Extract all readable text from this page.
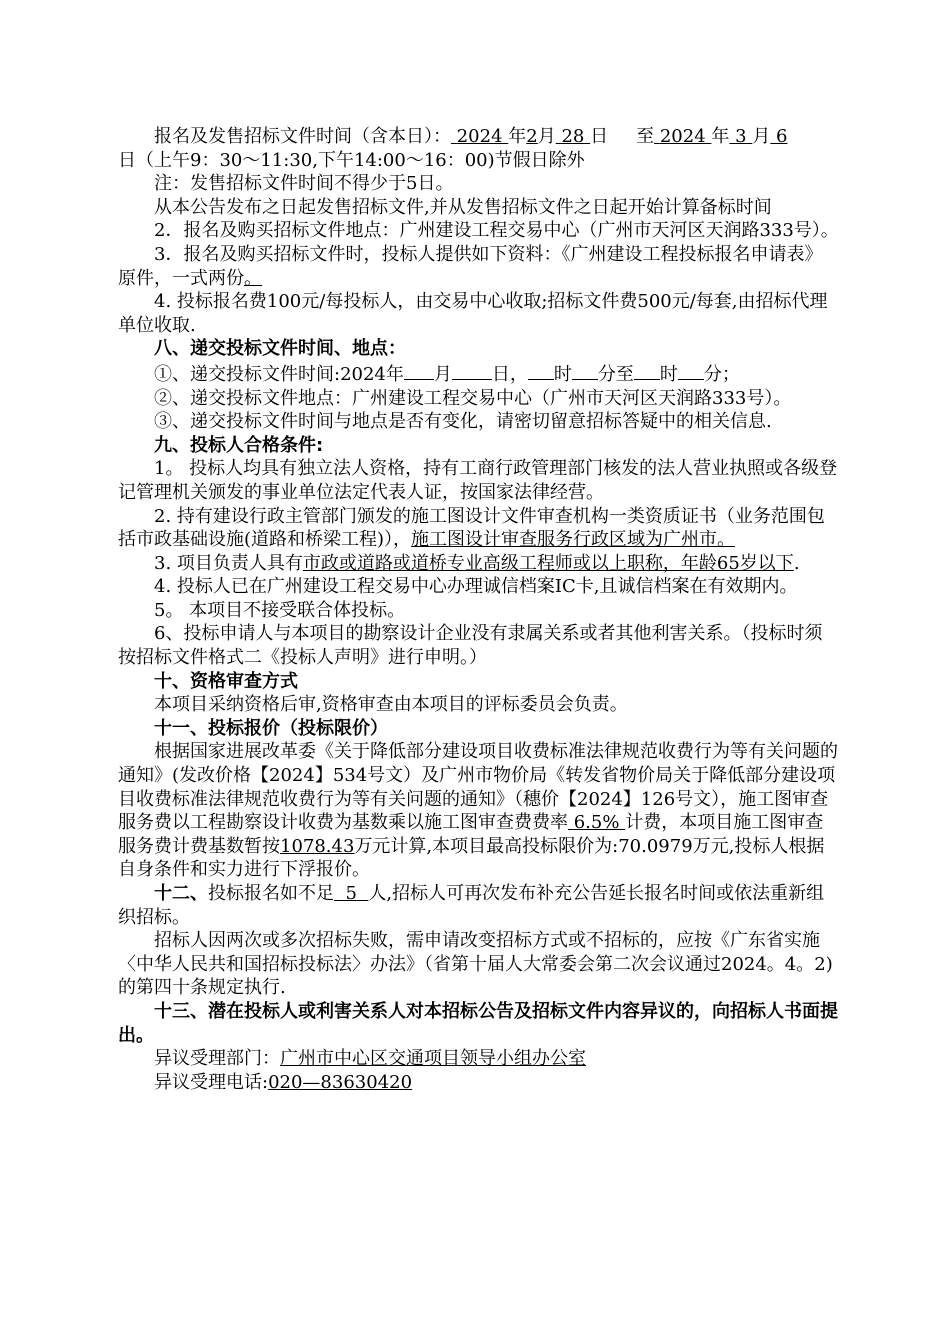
报名及发售招标文件时间（含本日）： 2024 年2月 28 日 至 2024 年 3 月 6

日（上午9：30～11:30,下午14:00～16：00)节假日除外

注：发售招标文件时间不得少于5日。

从本公告发布之日起发售招标文件,并从发售招标文件之日起开始计算备标时间

2．报名及购买招标文件地点：广州建设工程交易中心（广州市天河区天润路333号）。

3．报名及购买招标文件时，投标人提供如下资料：《广州建设工程投标报名申请表》原件，一式两份。

4. 投标报名费100元/每投标人，由交易中心收取;招标文件费500元/每套,由招标代理单位收取.

八、递交投标文件时间、地点：

①、递交投标文件时间:2024年 月 日， 时 分至 时 分；

②、递交投标文件地点：广州建设工程交易中心（广州市天河区天润路333号）。

③、递交投标文件时间与地点是否有变化，请密切留意招标答疑中的相关信息.

九、投标人合格条件:

1。 投标人均具有独立法人资格，持有工商行政管理部门核发的法人营业执照或各级登记管理机关颁发的事业单位法定代表人证，按国家法律经营。

2. 持有建设行政主管部门颁发的施工图设计文件审查机构一类资质证书（业务范围包括市政基础设施(道路和桥梁工程)），施工图设计审查服务行政区域为广州市。

3. 项目负责人具有市政或道路或道桥专业高级工程师或以上职称，年龄65岁以下.

4. 投标人已在广州建设工程交易中心办理诚信档案IC卡,且诚信档案在有效期内。

5。 本项目不接受联合体投标。

6、投标申请人与本项目的勘察设计企业没有隶属关系或者其他利害关系。（投标时须按招标文件格式二《投标人声明》进行申明。）

十、资格审查方式

本项目采纳资格后审,资格审查由本项目的评标委员会负责。

十一、投标报价（投标限价）

根据国家进展改革委《关于降低部分建设项目收费标准法律规范收费行为等有关问题的通知》(发改价格【2024】534号文）及广州市物价局《转发省物价局关于降低部分建设项目收费标准法律规范收费行为等有关问题的通知》（穗价【2024】126号文），施工图审查服务费以工程勘察设计收费为基数乘以施工图审查费费率 6.5% 计费，本项目施工图审查服务费计费基数暂按1078.43万元计算,本项目最高投标限价为:70.0979万元,投标人根据自身条件和实力进行下浮报价。

十二、投标报名如不足 5 人,招标人可再次发布补充公告延长报名时间或依法重新组织招标。

招标人因两次或多次招标失败，需申请改变招标方式或不招标的，应按《广东省实施〈中华人民共和国招标投标法〉办法》（省第十届人大常委会第二次会议通过2024。4。2)的第四十条规定执行.

十三、潜在投标人或利害关系人对本招标公告及招标文件内容异议的，向招标人书面提出。

异议受理部门：广州市中心区交通项目领导小组办公室

异议受理电话:020—83630420
